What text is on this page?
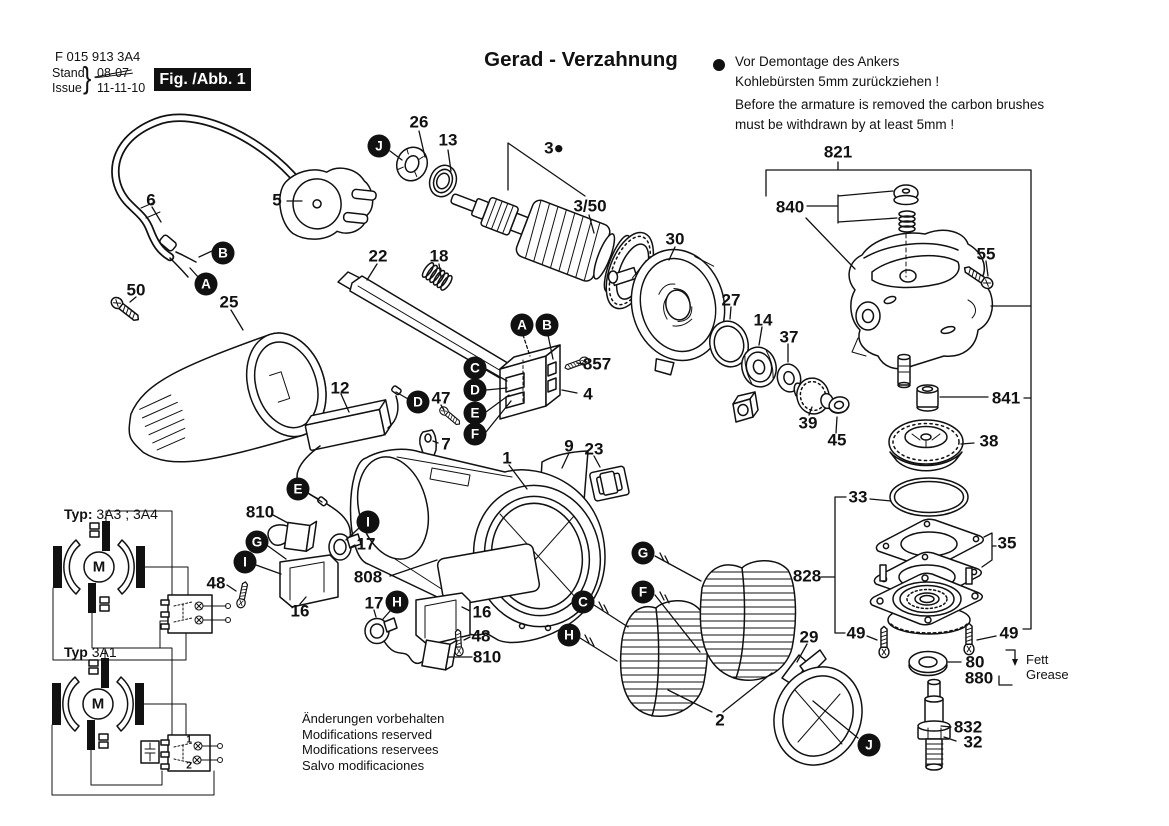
F 015 913 3A4
Stand
Issue } 08-07
11-11-10
Fig. /Abb. 1
Gerad - Verzahnung	Vor Demontage des Ankers
Kohlebürsten 5mm zurückziehen !
Before the armature is removed the carbon brushes
must be withdrawn by at least 5mm !
Typ: 3A3 ; 3A4
Typ 3A1	Fett
Grease
Änderungen vorbehalten
Modifications reserved
Modifications reservees
Salvo modificaciones
26
13	3●
3/50
5
6
50
25
22 18
30
27
14
37
39
45
821
840
55
841
38
33
35
828
49	49
29
80
880
832
32
857
4
47
12
7
1
9 23
2
808
810
17
48
16	17	16
48
810
J
B
A
A	B
C
D
E
F
D
E
I
G
I
H
G
F
C
H
J
M
M
1
2
